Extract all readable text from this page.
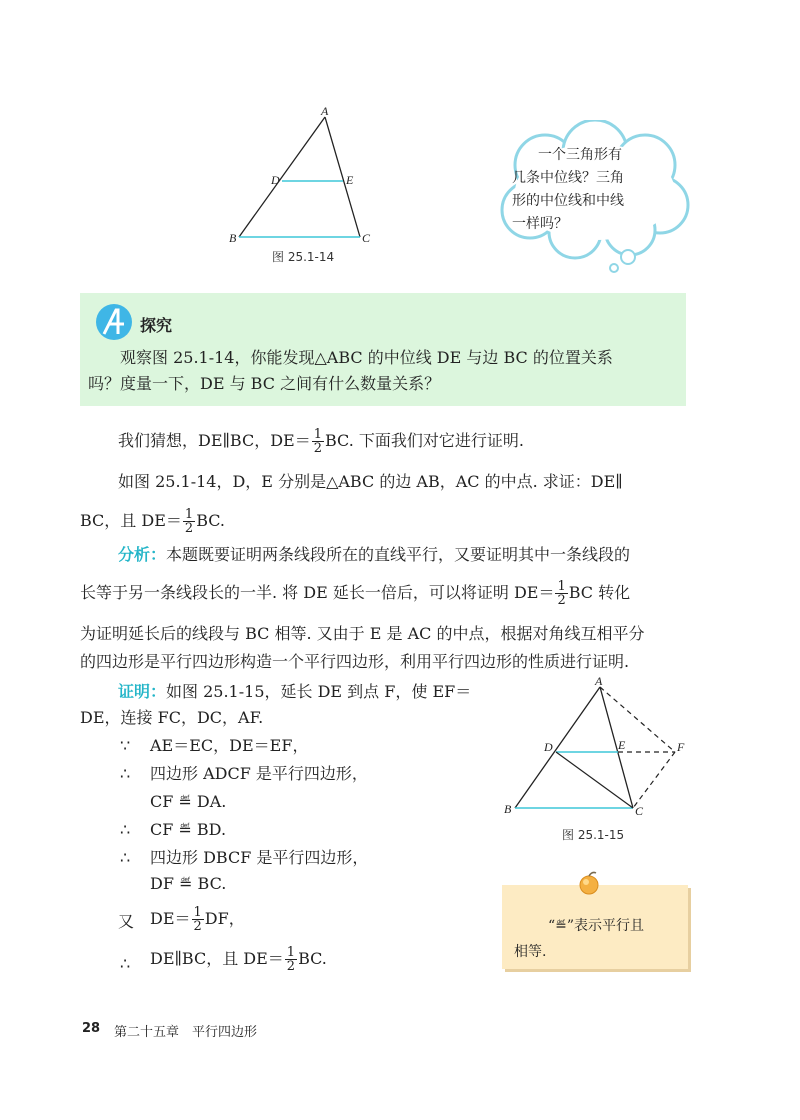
A
B	C
D	E
图 25.1-14
一个三角形有
几条中位线？三角
形的中位线和中线
一样吗？
探究
观察图 25.1-14，你能发现△ABC 的中位线 DE 与边 BC 的位置关系
吗？度量一下，DE 与 BC 之间有什么数量关系？
我们猜想，DE∥BC，$DE= \frac{1}{2}$ BC. 下面我们对它进行证明.
如图 25.1-14，D，E 分别是△ABC 的边 AB，AC 的中点. 求证：DE∥
BC，且 $DE= \frac{1}{2}$ BC.
分析：本题既要证明两条线段所在的直线平行，又要证明其中一条线段的
长等于另一条线段长的一半. 将 DE 延长一倍后，可以将证明 $DE= \frac{1}{2}$ BC 转化
为证明延长后的线段与 BC 相等. 又由于 E 是 AC 的中点，根据对角线互相平分
的四边形是平行四边形构造一个平行四边形，利用平行四边形的性质进行证明.
证明：如图 25.1-15，延长 DE 到点 F，使 EF＝
DE，连接 FC，DC，AF.
∵ AE＝EC，DE＝EF，
∴ 四边形 ADCF 是平行四边形，
CF ≝ DA.
∴ CF ≝ BD.
∴ 四边形 DBCF 是平行四边形，
DF ≝ BC.
又 $DE= \frac{1}{2}$ DF，
∴ DE∥BC，且 $DE= \frac{1}{2}$ BC.
A
B	C
D	E	F
图 25.1-15
“≝”表示平行且
相等.
28 第二十五章　平行四边形
